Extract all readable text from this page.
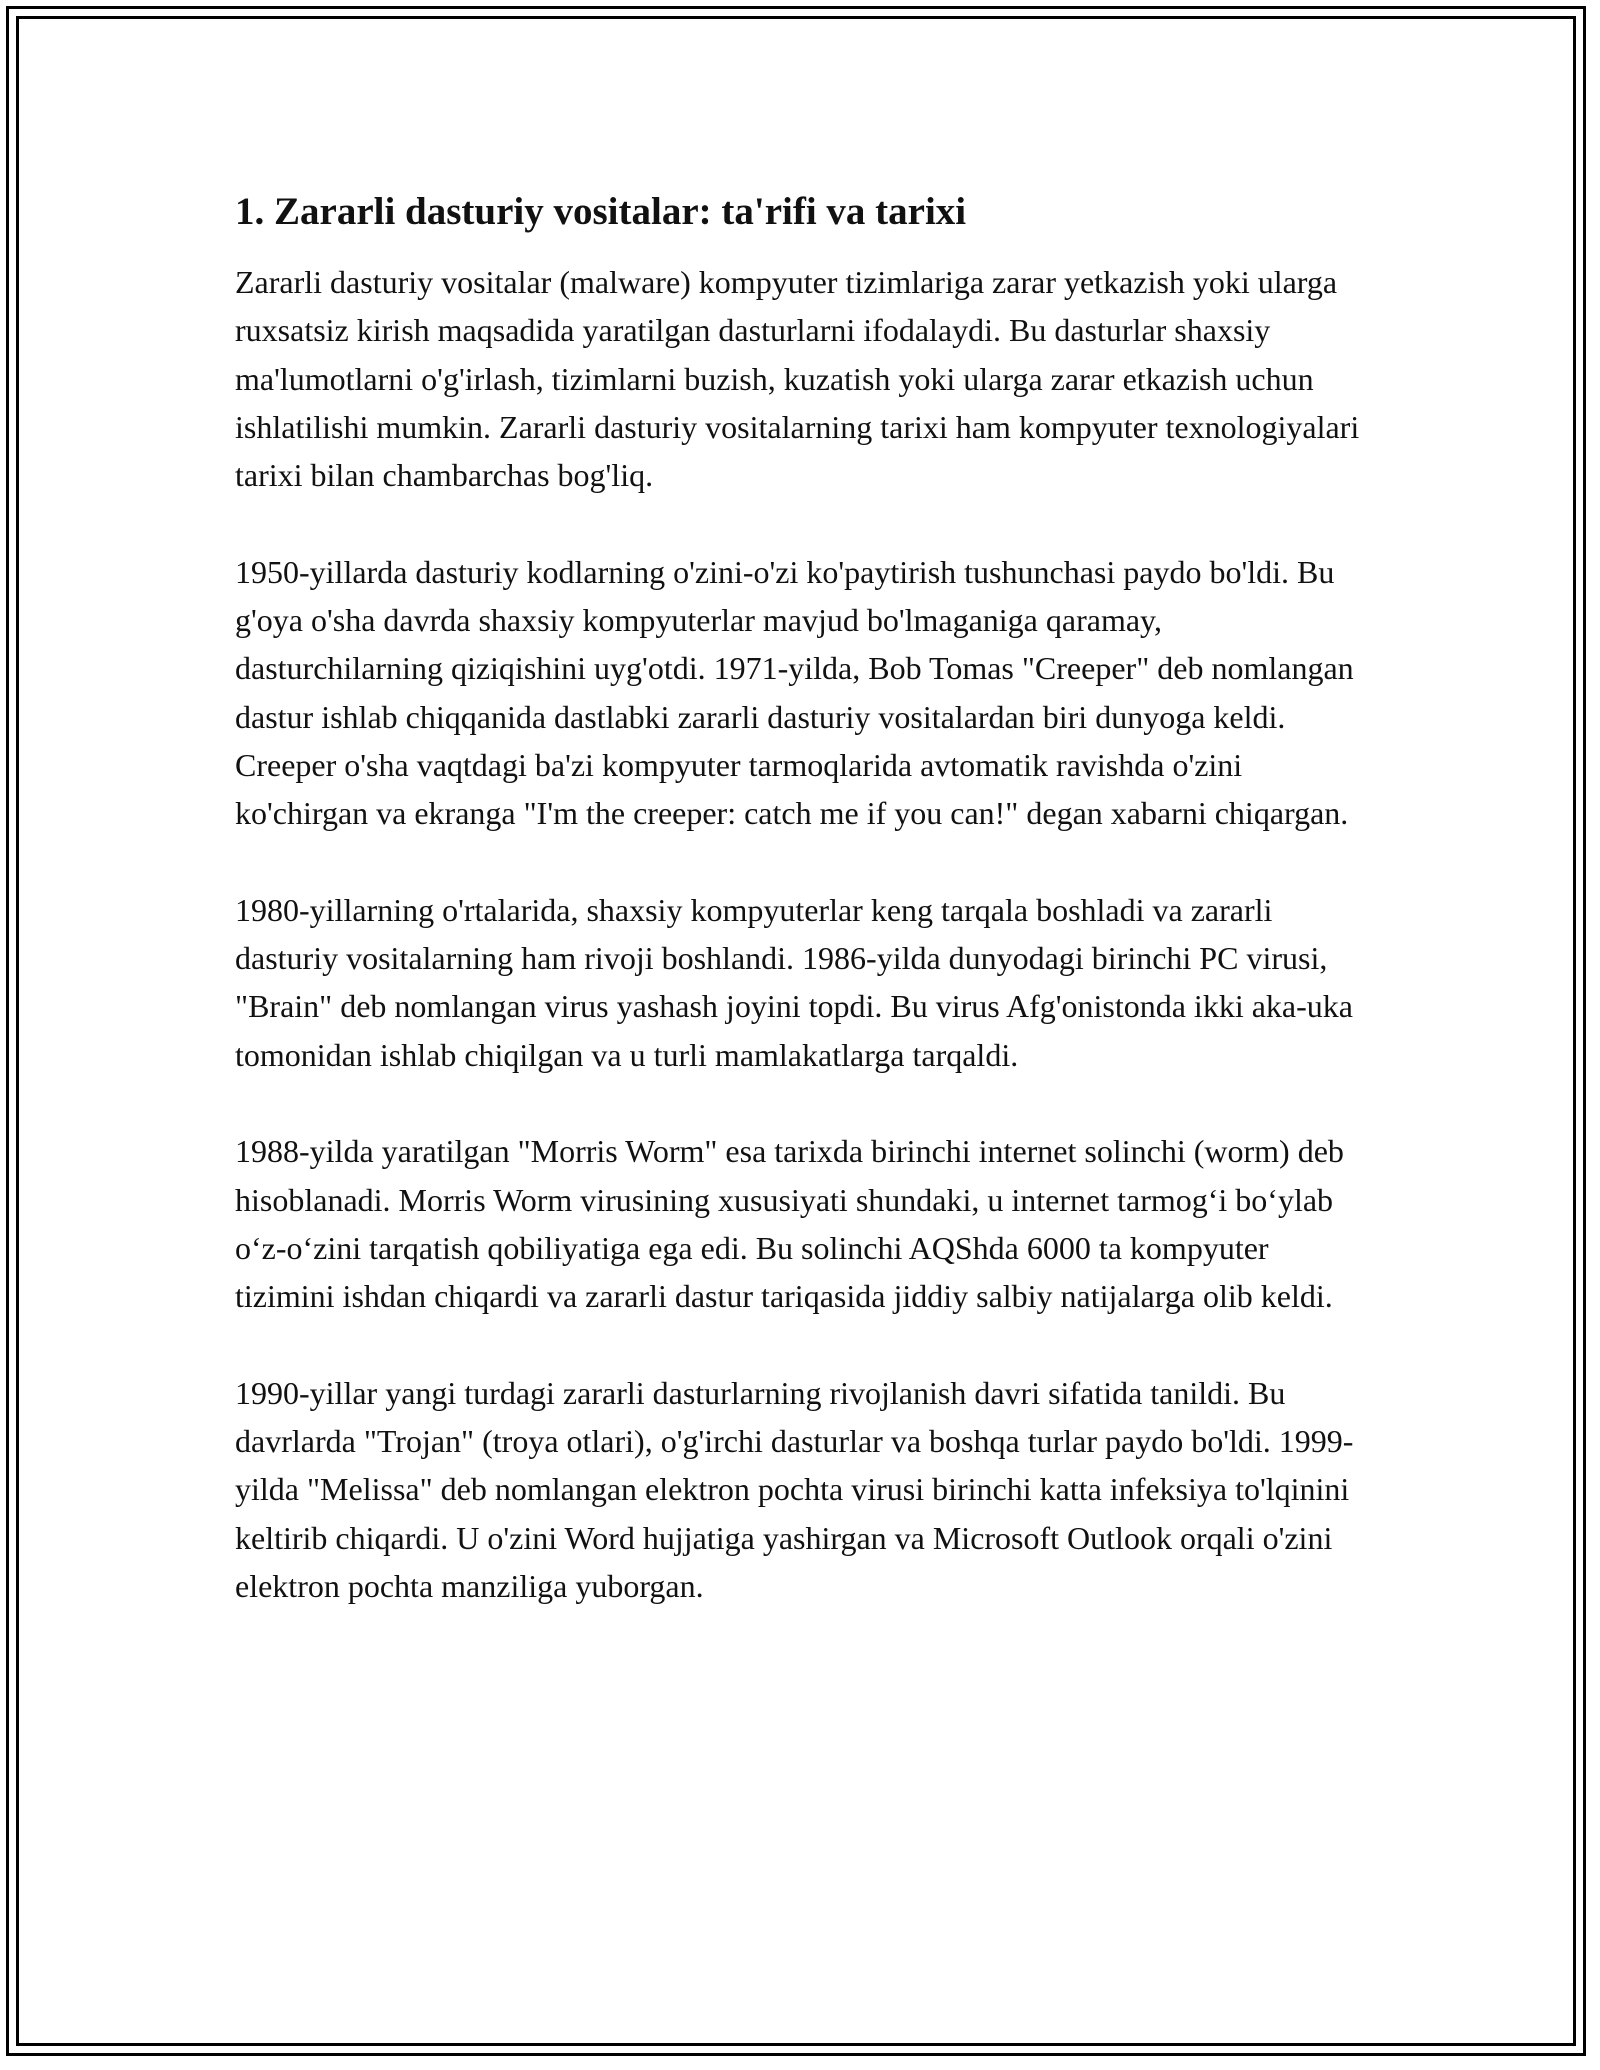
1. Zararli dasturiy vositalar: ta'rifi va tarixi

Zararli dasturiy vositalar (malware) kompyuter tizimlariga zarar yetkazish yoki ularga ruxsatsiz kirish maqsadida yaratilgan dasturlarni ifodalaydi. Bu dasturlar shaxsiy ma'lumotlarni o'g'irlash, tizimlarni buzish, kuzatish yoki ularga zarar etkazish uchun ishlatilishi mumkin. Zararli dasturiy vositalarning tarixi ham kompyuter texnologiyalari tarixi bilan chambarchas bog'liq.

1950-yillarda dasturiy kodlarning o'zini-o'zi ko'paytirish tushunchasi paydo bo'ldi. Bu g'oya o'sha davrda shaxsiy kompyuterlar mavjud bo'lmaganiga qaramay, dasturchilarning qiziqishini uyg'otdi. 1971-yilda, Bob Tomas "Creeper" deb nomlangan dastur ishlab chiqqanida dastlabki zararli dasturiy vositalardan biri dunyoga keldi. Creeper o'sha vaqtdagi ba'zi kompyuter tarmoqlarida avtomatik ravishda o'zini ko'chirgan va ekranga "I'm the creeper: catch me if you can!" degan xabarni chiqargan.

1980-yillarning o'rtalarida, shaxsiy kompyuterlar keng tarqala boshladi va zararli dasturiy vositalarning ham rivoji boshlandi. 1986-yilda dunyodagi birinchi PC virusi, "Brain" deb nomlangan virus yashash joyini topdi. Bu virus Afg'onistonda ikki aka-uka tomonidan ishlab chiqilgan va u turli mamlakatlarga tarqaldi.

1988-yilda yaratilgan "Morris Worm" esa tarixda birinchi internet solinchi (worm) deb hisoblanadi. Morris Worm virusining xususiyati shundaki, u internet tarmog‘i bo‘ylab o‘z-o‘zini tarqatish qobiliyatiga ega edi. Bu solinchi AQShda 6000 ta kompyuter tizimini ishdan chiqardi va zararli dastur tariqasida jiddiy salbiy natijalarga olib keldi.

1990-yillar yangi turdagi zararli dasturlarning rivojlanish davri sifatida tanildi. Bu davrlarda "Trojan" (troya otlari), o'g'irchi dasturlar va boshqa turlar paydo bo'ldi. 1999-yilda "Melissa" deb nomlangan elektron pochta virusi birinchi katta infeksiya to'lqinini keltirib chiqardi. U o'zini Word hujjatiga yashirgan va Microsoft Outlook orqali o'zini elektron pochta manziliga yuborgan.
